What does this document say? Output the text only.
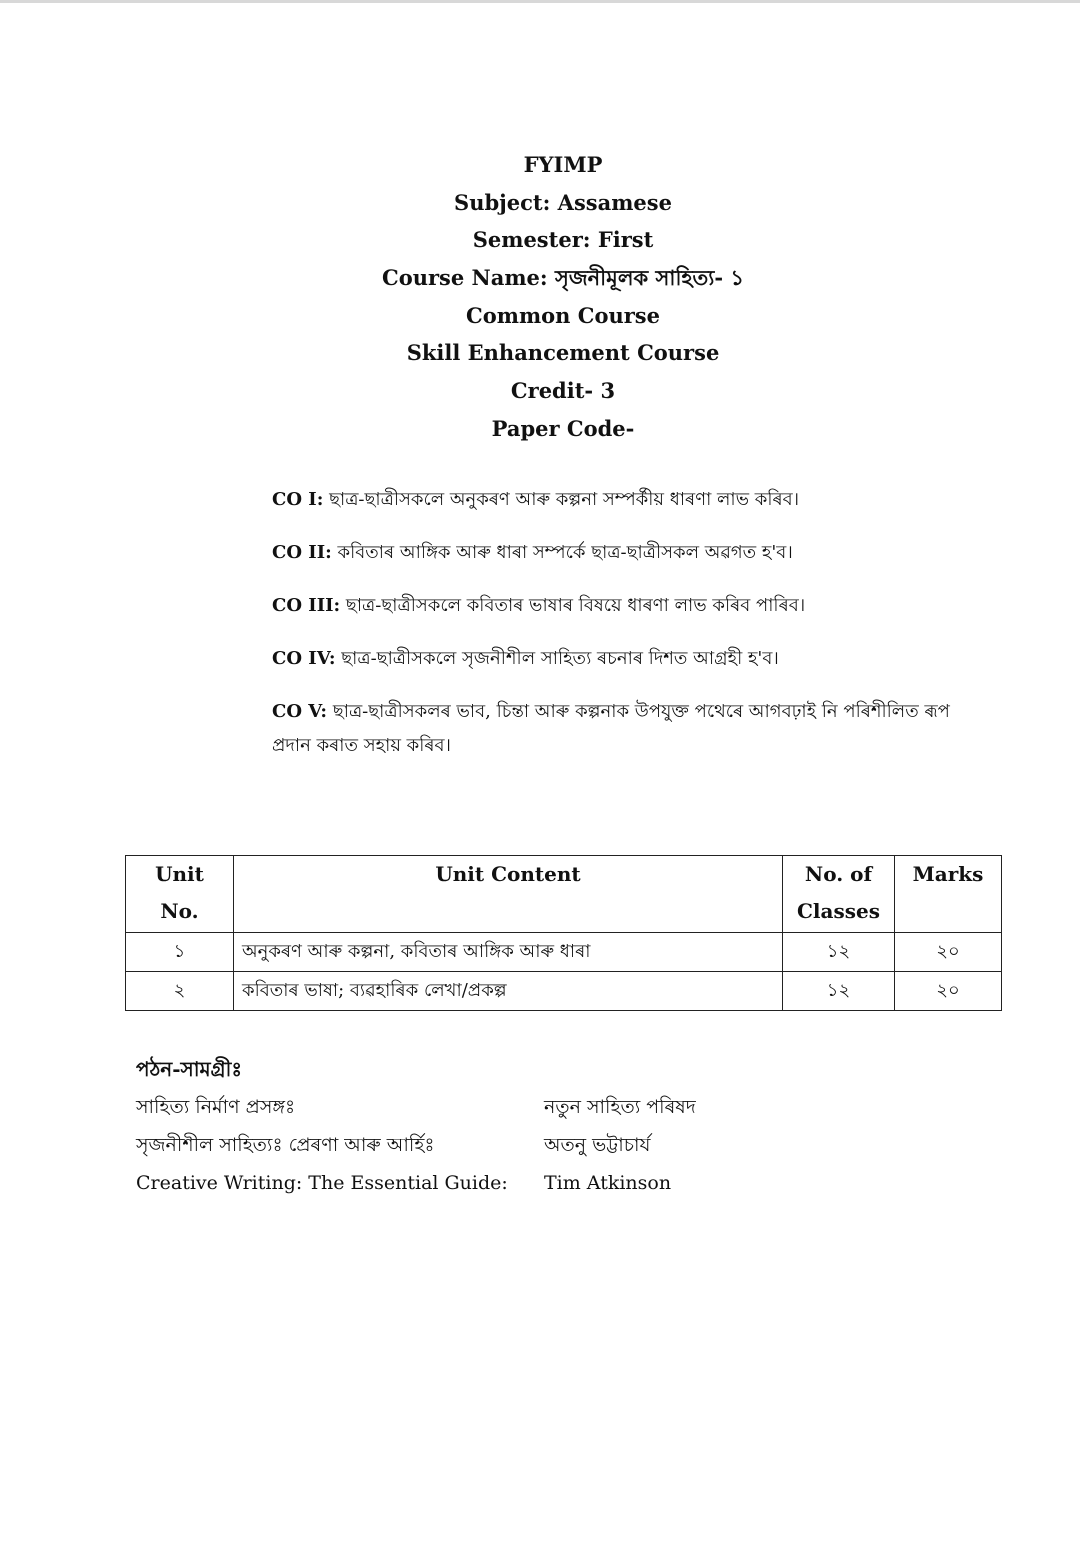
FYIMP
Subject: Assamese
Semester: First
Course Name: সৃজনীমূলক সাহিত্য- ১
Common Course
Skill Enhancement Course
Credit- 3
Paper Code-
CO I: ছাত্ৰ-ছাত্ৰীসকলে অনুকৰণ আৰু কল্পনা সম্পৰ্কীয় ধাৰণা লাভ কৰিব।
CO II: কবিতাৰ আঙ্গিক আৰু ধাৰা সম্পৰ্কে ছাত্ৰ-ছাত্ৰীসকল অৱগত হ'ব।
CO III: ছাত্ৰ-ছাত্ৰীসকলে কবিতাৰ ভাষাৰ বিষয়ে ধাৰণা লাভ কৰিব পাৰিব।
CO IV: ছাত্ৰ-ছাত্ৰীসকলে সৃজনীশীল সাহিত্য ৰচনাৰ দিশত আগ্ৰহী হ'ব।
CO V: ছাত্ৰ-ছাত্ৰীসকলৰ ভাব, চিন্তা আৰু কল্পনাক উপযুক্ত পথেৰে আগবঢ়াই নি পৰিশীলিত ৰূপ প্ৰদান কৰাত সহায় কৰিব।
Unit No.	Unit Content	No. of Classes	Marks
১	অনুকৰণ আৰু কল্পনা, কবিতাৰ আঙ্গিক আৰু ধাৰা	১২	২০
২	কবিতাৰ ভাষা; ব্যৱহাৰিক লেখা/প্ৰকল্প	১২	২০
পঠন-সামগ্ৰীঃ
সাহিত্য নিৰ্মাণ প্ৰসঙ্গঃ	নতুন সাহিত্য পৰিষদ
সৃজনীশীল সাহিত্যঃ প্ৰেৰণা আৰু আৰ্হিঃ	অতনু ভট্টাচাৰ্য
Creative Writing: The Essential Guide:	Tim Atkinson
